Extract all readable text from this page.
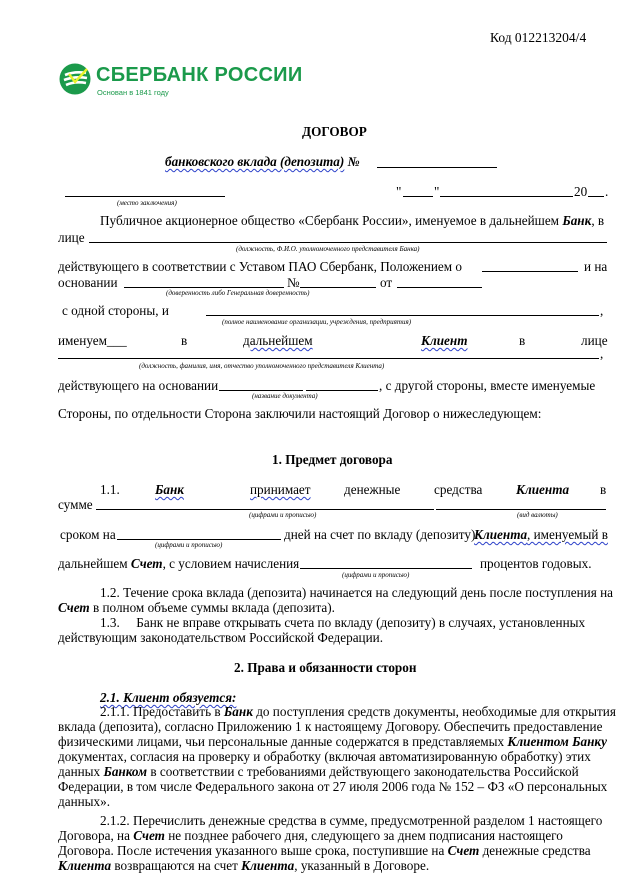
Код 012213204/4
СБЕРБАНК РОССИИ
Основан в 1841 году
ДОГОВОР
банковского вклада (депозита) №
(место заключения)
" "	20 .
Публичное акционерное общество «Сбербанк России», именуемое в дальнейшем Банк, в
лице
(должность, Ф.И.О. уполномоченного представителя Банка)
действующего в соответствии с Уставом ПАО Сбербанк, Положением о	и на
основании	№	от
(доверенность либо Генеральная доверенность)
с одной стороны, и	,
(полное наименование организации, учреждения, предприятия)
именуем___	в	дальнейшем	Клиент	в	лице
,
(должность, фамилия, имя, отчество уполномоченного представителя Клиента)
действующего на основании	, с другой стороны, вместе именуемые
(название документа)
Стороны, по отдельности Сторона заключили настоящий Договор о нижеследующем:
1. Предмет договора
1.1.	Банк	принимает	денежные	средства	Клиента в
сумме
(цифрами и прописью)	(вид валюты)
сроком на	дней на счет по вкладу (депозиту)
Клиента , именуемый в
(цифрами и прописью)
дальнейшем Счет, с условием начисления	процентов годовых.
(цифрами и прописью)
1.2. Течение срока вклада (депозита) начинается на следующий день после поступления на
Счет в полном объеме суммы вклада (депозита).
1.3.     Банк не вправе открывать счета по вкладу (депозиту) в случаях, установленных
действующим законодательством Российской Федерации.
2. Права и обязанности сторон
2.1. Клиент обязуется:
2.1.1. Предоставить в Банк до поступления средств документы, необходимые для открытия
вклада (депозита), согласно Приложению 1 к настоящему Договору. Обеспечить предоставление
физическими лицами, чьи персональные данные содержатся в представляемых Клиентом Банку
документах, согласия на проверку и обработку (включая автоматизированную обработку) этих
данных Банком в соответствии с требованиями действующего законодательства Российской
Федерации, в том числе Федерального закона от 27 июля 2006 года № 152 – ФЗ «О персональных
данных».
2.1.2. Перечислить денежные средства в сумме, предусмотренной разделом 1 настоящего
Договора, на Счет не позднее рабочего дня, следующего за днем подписания настоящего
Договора. После истечения указанного выше срока, поступившие на Счет денежные средства
Клиента возвращаются на счет Клиента, указанный в Договоре.
